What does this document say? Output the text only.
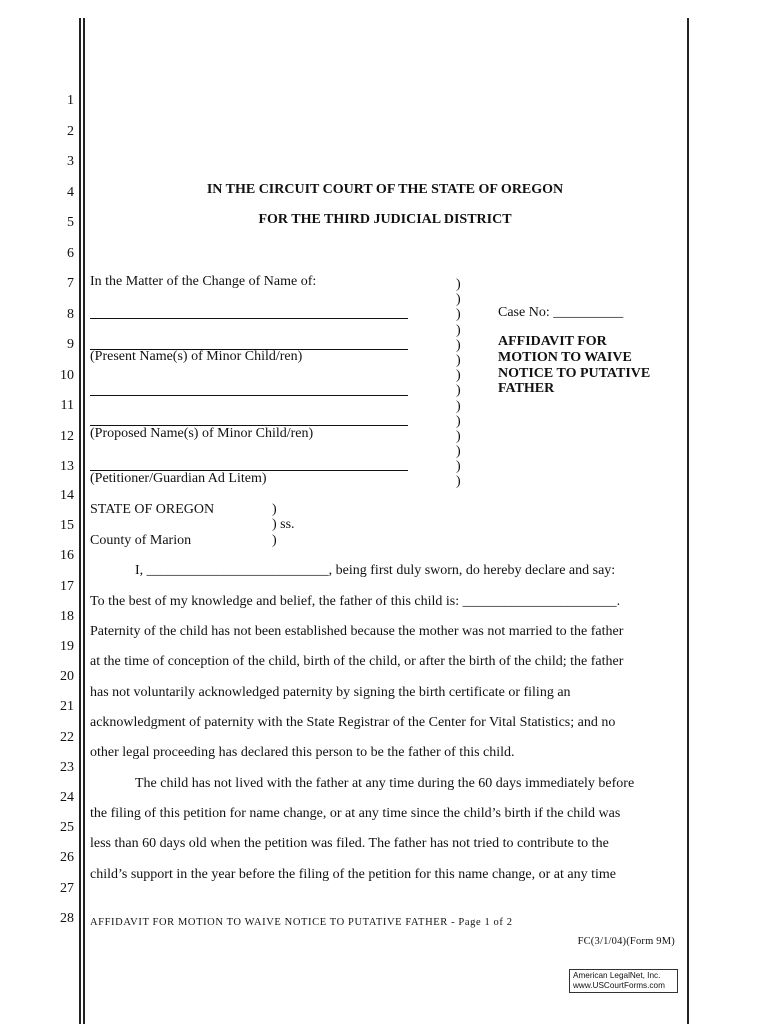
1
2
3
4
5
6
7
8
9
10
11
12
13
14
15
16
17
18
19
20
21
22
23
24
25
26
27
28
IN THE CIRCUIT COURT OF THE STATE OF OREGON
FOR THE THIRD JUDICIAL DISTRICT
In the Matter of the Change of Name of:
(Present Name(s) of Minor Child/ren)
(Proposed Name(s) of Minor Child/ren)
(Petitioner/Guardian Ad Litem)
)
)
)
)
)
)
)
)
)
)
)
)
)
)
Case No: __________
AFFIDAVIT FOR
MOTION TO WAIVE
NOTICE TO PUTATIVE
FATHER
STATE OF OREGON	)
) ss.
)
County of Marion
I, __________________________, being first duly sworn, do hereby declare and say:
To the best of my knowledge and belief, the father of this child is: ______________________.
Paternity of the child has not been established because the mother was not married to the father
at the time of conception of the child, birth of the child, or after the birth of the child; the father
has not voluntarily acknowledged paternity by signing the birth certificate or filing an
acknowledgment of paternity with the State Registrar of the Center for Vital Statistics; and no
other legal proceeding has declared this person to be the father of this child.
The child has not lived with the father at any time during the 60 days immediately before
the filing of this petition for name change, or at any time since the child’s birth if the child was
less than 60 days old when the petition was filed. The father has not tried to contribute to the
child’s support in the year before the filing of the petition for this name change, or at any time
AFFIDAVIT FOR MOTION TO WAIVE NOTICE TO PUTATIVE FATHER - Page 1 of 2
FC(3/1/04)(Form 9M)
American LegalNet, Inc.
www.USCourtForms.com
